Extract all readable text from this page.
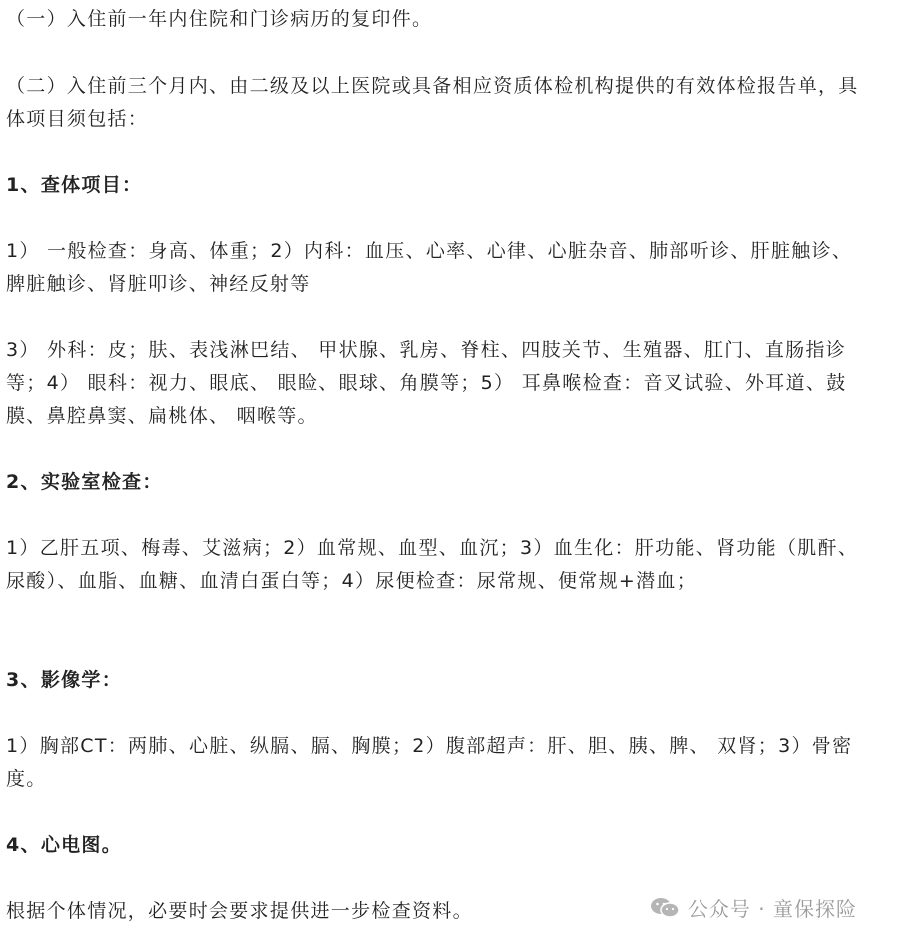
（一）入住前一年内住院和门诊病历的复印件。

（二）入住前三个月内、由二级及以上医院或具备相应资质体检机构提供的有效体检报告单，具体项目须包括：

1、查体项目：

1） 一般检查：身高、体重；2）内科：血压、心率、心律、心脏杂音、肺部听诊、肝脏触诊、脾脏触诊、肾脏叩诊、神经反射等

3） 外科：皮；肤、表浅淋巴结、 甲状腺、乳房、脊柱、四肢关节、生殖器、肛门、直肠指诊等；4） 眼科：视力、眼底、 眼睑、眼球、角膜等；5） 耳鼻喉检查：音叉试验、外耳道、鼓膜、鼻腔鼻窦、扁桃体、 咽喉等。

2、实验室检查：

1）乙肝五项、梅毒、艾滋病；2）血常规、血型、血沉；3）血生化：肝功能、肾功能（肌酐、尿酸）、血脂、血糖、血清白蛋白等；4）尿便检查：尿常规、便常规+潜血；

3、影像学：

1）胸部CT：两肺、心脏、纵膈、膈、胸膜；2）腹部超声：肝、胆、胰、脾、 双肾；3）骨密度。

4、心电图。

根据个体情况，必要时会要求提供进一步检查资料。	公众号 · 童保探险
